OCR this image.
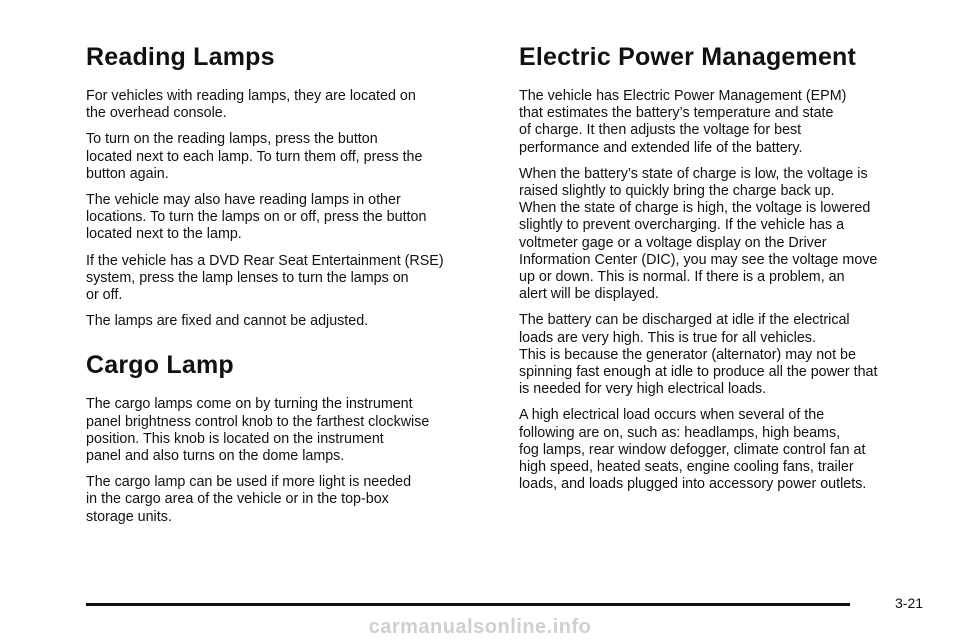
Reading Lamps

For vehicles with reading lamps, they are located on
the overhead console.

To turn on the reading lamps, press the button
located next to each lamp. To turn them off, press the
button again.

The vehicle may also have reading lamps in other
locations. To turn the lamps on or off, press the button
located next to the lamp.

If the vehicle has a DVD Rear Seat Entertainment (RSE)
system, press the lamp lenses to turn the lamps on
or off.

The lamps are fixed and cannot be adjusted.

Cargo Lamp

The cargo lamps come on by turning the instrument
panel brightness control knob to the farthest clockwise
position. This knob is located on the instrument
panel and also turns on the dome lamps.

The cargo lamp can be used if more light is needed
in the cargo area of the vehicle or in the top-box
storage units.

Electric Power Management

The vehicle has Electric Power Management (EPM)
that estimates the battery’s temperature and state
of charge. It then adjusts the voltage for best
performance and extended life of the battery.

When the battery’s state of charge is low, the voltage is
raised slightly to quickly bring the charge back up.
When the state of charge is high, the voltage is lowered
slightly to prevent overcharging. If the vehicle has a
voltmeter gage or a voltage display on the Driver
Information Center (DIC), you may see the voltage move
up or down. This is normal. If there is a problem, an
alert will be displayed.

The battery can be discharged at idle if the electrical
loads are very high. This is true for all vehicles.
This is because the generator (alternator) may not be
spinning fast enough at idle to produce all the power that
is needed for very high electrical loads.

A high electrical load occurs when several of the
following are on, such as: headlamps, high beams,
fog lamps, rear window defogger, climate control fan at
high speed, heated seats, engine cooling fans, trailer
loads, and loads plugged into accessory power outlets.

3-21
carmanualsonline.info
